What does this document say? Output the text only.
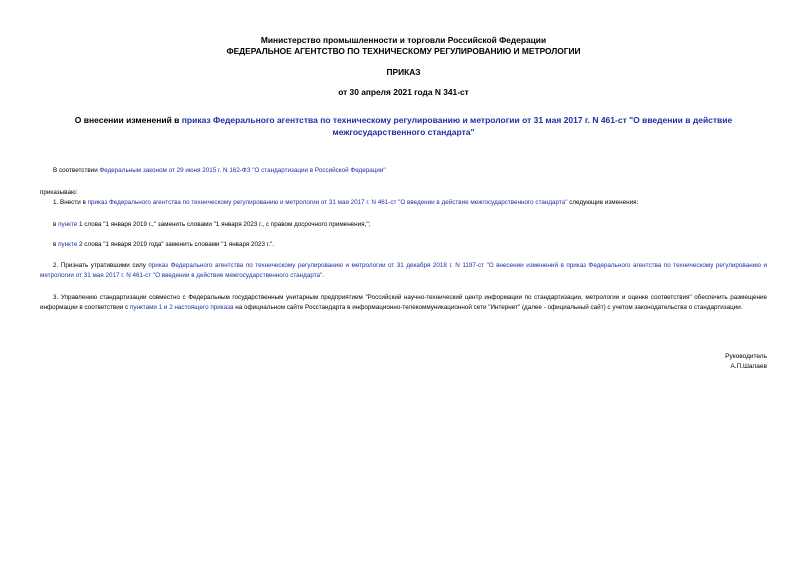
Министерство промышленности и торговли Российской Федерации
ФЕДЕРАЛЬНОЕ АГЕНТСТВО ПО ТЕХНИЧЕСКОМУ РЕГУЛИРОВАНИЮ И МЕТРОЛОГИИ
ПРИКАЗ
от 30 апреля 2021 года N 341-ст
О внесении изменений в приказ Федерального агентства по техническому регулированию и метрологии от 31 мая 2017 г. N 461-ст "О введении в действие межгосударственного стандарта"
В соответствии Федеральным законом от 29 июня 2015 г. N 162-ФЗ "О стандартизации в Российской Федерации"
приказываю:
1. Внести в приказ Федерального агентства по техническому регулированию и метрологии от 31 мая 2017 г. N 461-ст "О введении в действие межгосударственного стандарта" следующие изменения:
в пункте 1 слова "1 января 2019 г.," заменить словами "1 января 2023 г., с правом досрочного применения,";
в пункте 2 слова "1 января 2019 года" заменить словами "1 января 2023 г.".
2. Признать утратившими силу приказ Федерального агентства по техническому регулированию и метрологии от 31 декабря 2018 г. N 1197-ст "О внесении изменений в приказ Федерального агентства по техническому регулированию и метрологии от 31 мая 2017 г. N 461-ст "О введении в действие межгосударственного стандарта".
3. Управлению стандартизации совместно с Федеральным государственным унитарным предприятием "Российский научно-технический центр информации по стандартизации, метрологии и оценке соответствия" обеспечить размещение информации в соответствии с пунктами 1 и 2 настоящего приказа на официальном сайте Росстандарта в информационно-телекоммуникационной сети "Интернет" (далее - официальный сайт) с учетом законодательства о стандартизации.
Руководитель
А.П.Шалаев
